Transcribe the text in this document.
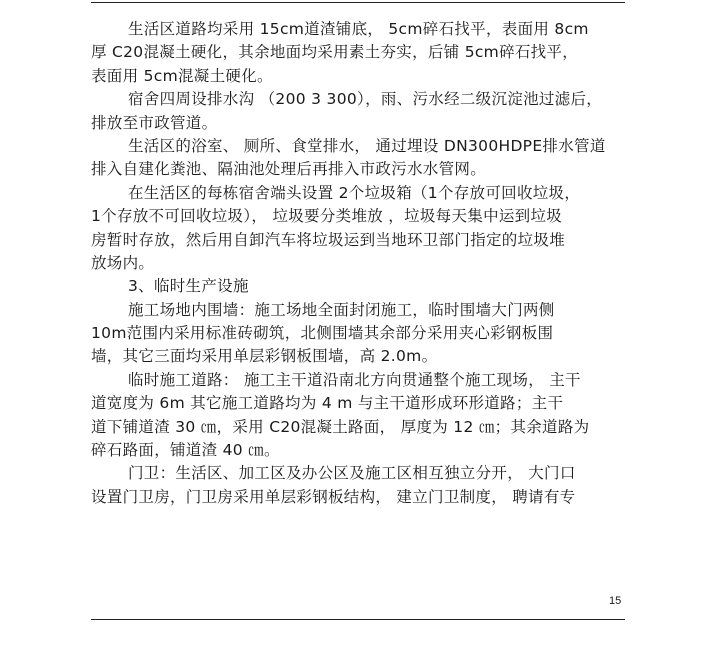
生活区道路均采用 15cm道渣铺底， 5cm碎石找平，表面用 8cm
厚 C20混凝土硬化，其余地面均采用素土夯实，后铺 5cm碎石找平，
表面用 5cm混凝土硬化。
宿舍四周设排水沟 （200 3 300），雨、污水经二级沉淀池过滤后，
排放至市政管道。
生活区的浴室、 厕所、食堂排水， 通过埋设 DN300HDPE排水管道
排入自建化粪池、隔油池处理后再排入市政污水水管网。
在生活区的每栋宿舍端头设置 2个垃圾箱（1个存放可回收垃圾，
1个存放不可回收垃圾）， 垃圾要分类堆放 ，垃圾每天集中运到垃圾
房暂时存放，然后用自卸汽车将垃圾运到当地环卫部门指定的垃圾堆
放场内。
3、临时生产设施
施工场地内围墙：施工场地全面封闭施工，临时围墙大门两侧
10m范围内采用标准砖砌筑，北侧围墙其余部分采用夹心彩钢板围
墙，其它三面均采用单层彩钢板围墙，高 2.0m。
临时施工道路： 施工主干道沿南北方向贯通整个施工现场， 主干
道宽度为 6m 其它施工道路均为 4 m 与主干道形成环形道路；主干
道下铺道渣 30 ㎝，采用 C20混凝土路面， 厚度为 12 ㎝；其余道路为
碎石路面，铺道渣 40 ㎝。
门卫：生活区、加工区及办公区及施工区相互独立分开， 大门口
设置门卫房，门卫房采用单层彩钢板结构， 建立门卫制度， 聘请有专
15
